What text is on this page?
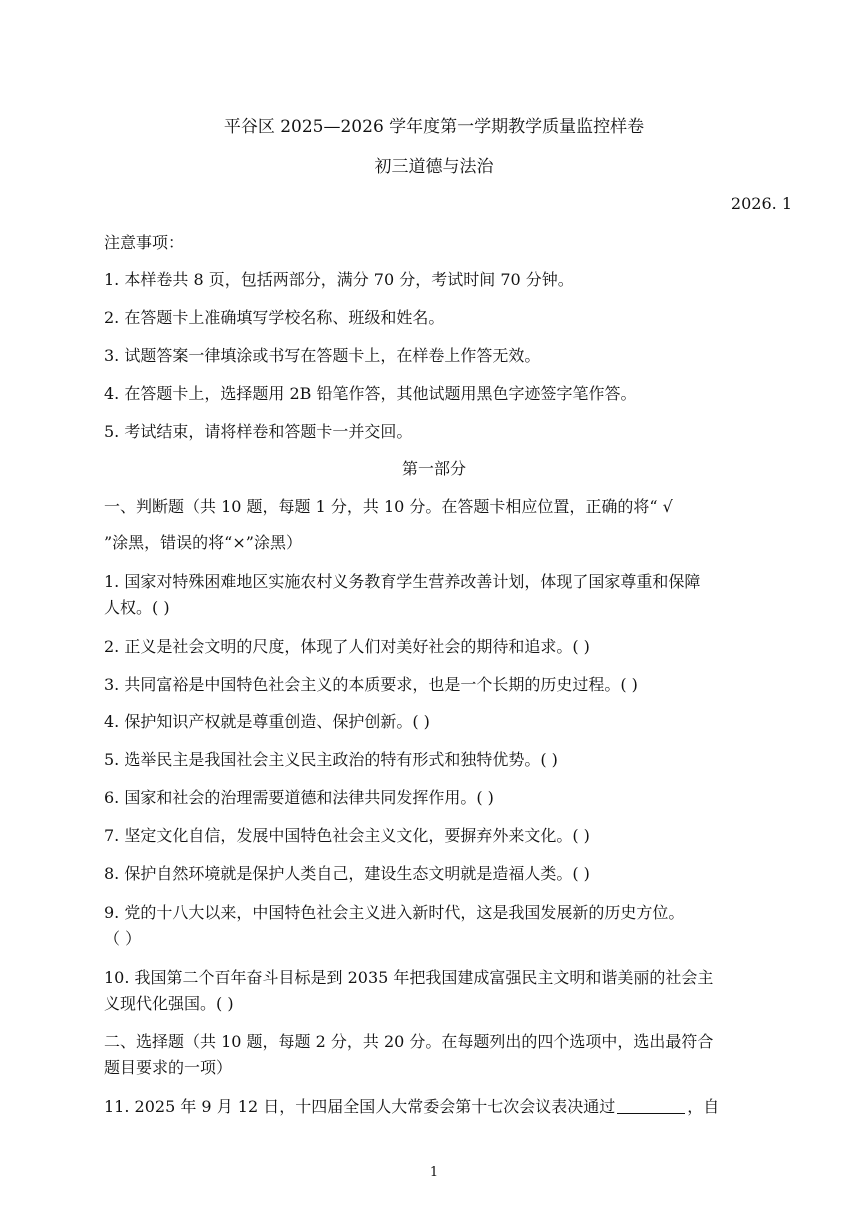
平谷区 2025—2026 学年度第一学期教学质量监控样卷
初三道德与法治
2026. 1
注意事项：
1. 本样卷共 8 页，包括两部分，满分 70 分，考试时间 70 分钟。
2. 在答题卡上准确填写学校名称、班级和姓名。
3. 试题答案一律填涂或书写在答题卡上，在样卷上作答无效。
4. 在答题卡上，选择题用 2B 铅笔作答，其他试题用黑色字迹签字笔作答。
5. 考试结束，请将样卷和答题卡一并交回。
第一部分
一、判断题（共 10 题，每题 1 分，共 10 分。在答题卡相应位置，正确的将“ √
”涂黑，错误的将“×”涂黑）
1. 国家对特殊困难地区实施农村义务教育学生营养改善计划，体现了国家尊重和保障
人权。( )
2. 正义是社会文明的尺度，体现了人们对美好社会的期待和追求。( )
3. 共同富裕是中国特色社会主义的本质要求，也是一个长期的历史过程。( )
4. 保护知识产权就是尊重创造、保护创新。( )
5. 选举民主是我国社会主义民主政治的特有形式和独特优势。( )
6. 国家和社会的治理需要道德和法律共同发挥作用。( )
7. 坚定文化自信，发展中国特色社会主义文化，要摒弃外来文化。( )
8. 保护自然环境就是保护人类自己，建设生态文明就是造福人类。( )
9. 党的十八大以来，中国特色社会主义进入新时代，这是我国发展新的历史方位。
（ ）
10. 我国第二个百年奋斗目标是到 2035 年把我国建成富强民主文明和谐美丽的社会主
义现代化强国。( )
二、选择题（共 10 题，每题 2 分，共 20 分。在每题列出的四个选项中，选出最符合
题目要求的一项）
11. 2025 年 9 月 12 日，十四届全国人大常委会第十七次会议表决通过	，自
1
